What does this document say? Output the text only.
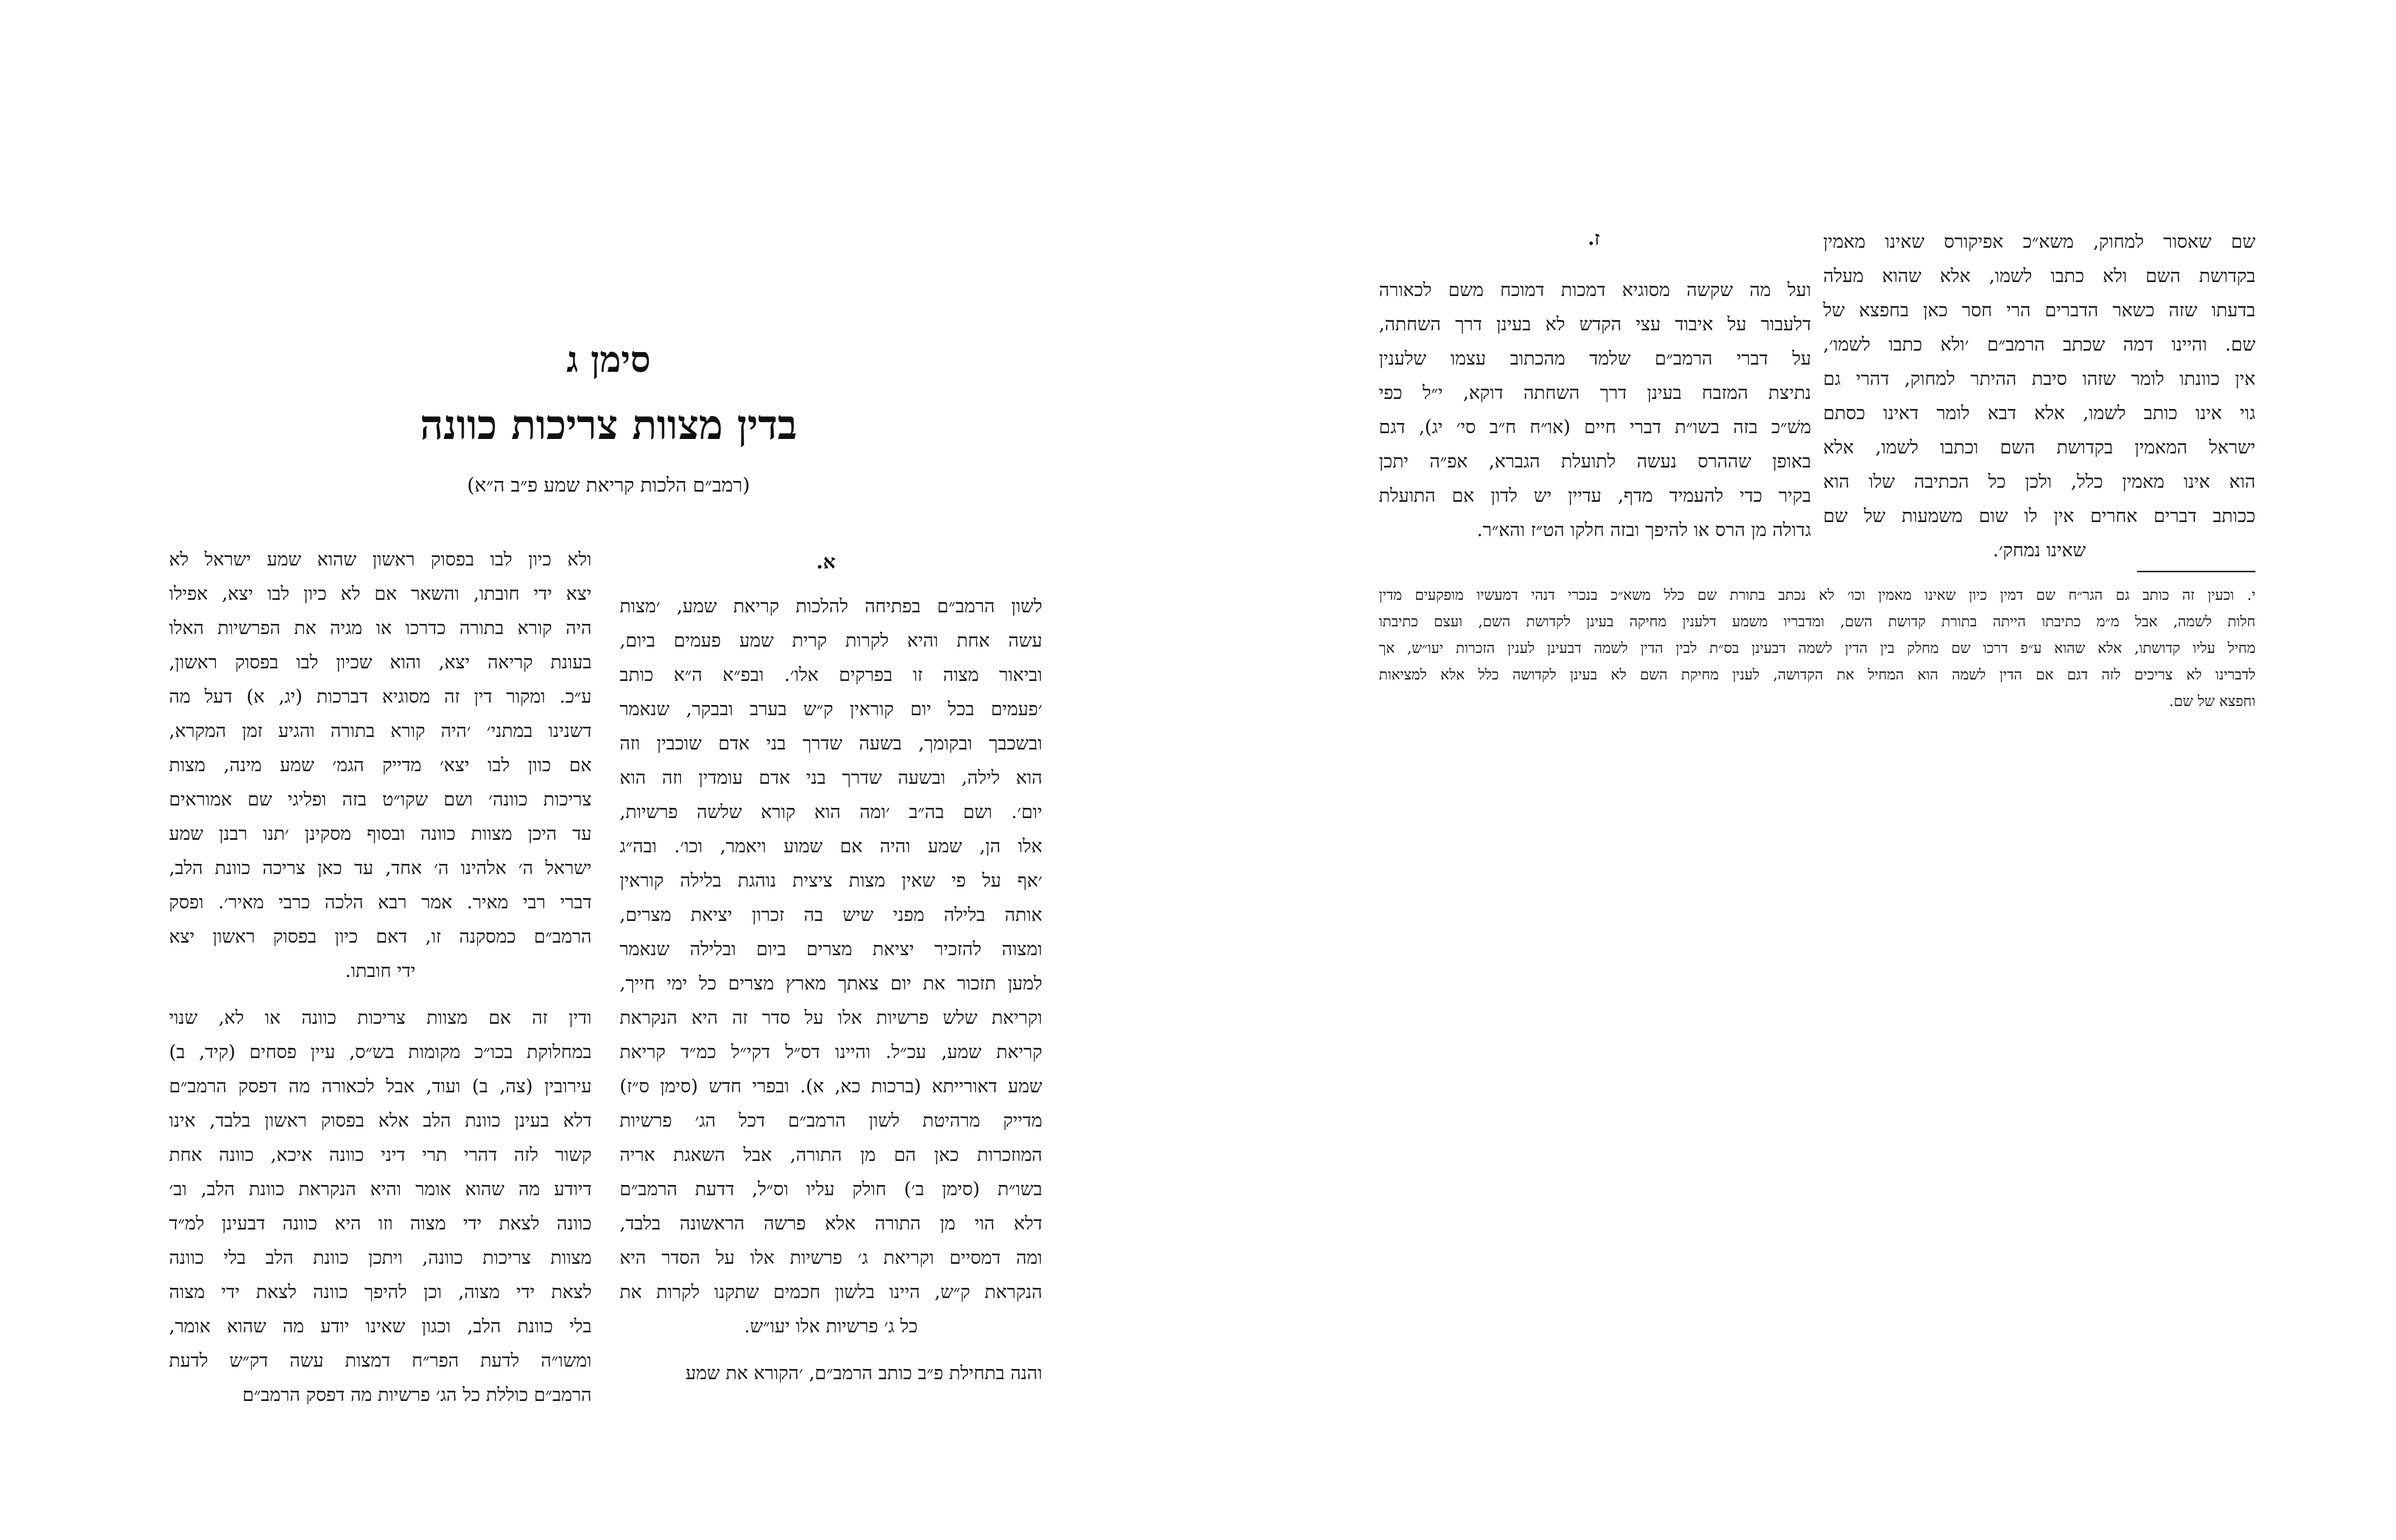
שם שאסור למחוק, משא״כ אפיקורס שאינו מאמין
בקדושת השם ולא כתבו לשמו, אלא שהוא מעלה
בדעתו שזה כשאר הדברים הרי חסר כאן בחפצא של
שם. והיינו דמה שכתב הרמב״ם ׳ולא כתבו לשמו׳,
אין כוונתו לומר שזהו סיבת ההיתר למחוק, דהרי גם
גוי אינו כותב לשמו, אלא דבא לומר דאינו כסתם
ישראל המאמין בקדושת השם וכתבו לשמו, אלא
הוא אינו מאמין כלל, ולכן כל הכתיבה שלו הוא
ככותב דברים אחרים אין לו שום משמעות של שם
שאינו נמחק׳.
ז.
ועל מה שקשה מסוגיא דמכות דמוכח משם לכאורה
דלעבור על איבוד עצי הקדש לא בעינן דרך השחתה,
על דברי הרמב״ם שלמד מהכתוב עצמו שלענין
נתיצת המזבח בעינן דרך השחתה דוקא, י״ל כפי
משׁ״כ בזה בשו״ת דברי חיים (או״ח ח״ב סי׳ יג), דגם
באופן שההרס נעשה לתועלת הגברא, אפ״ה יתכן
בקיר כדי להעמיד מדף, עדיין יש לדון אם התועלת
גדולה מן הרס או להיפך ובזה חלקו הט״ז והא״ר.
י. וכעין זה כותב גם הגר״ח שם דמין כיון שאינו מאמין וכו׳ לא נכתב בתורת שם כלל משא״כ בנכרי דנהי דמעשיו מופקעים מדין
חלות לשמה, אבל מ״מ כתיבתו הייתה בתורת קדושת השם, ומדבריו משמע דלענין מחיקה בעינן לקדושת השם, ועצם כתיבתו
מחיל עליו קדושתו, אלא שהוא ע״פ דרכו שם מחלק בין הדין לשמה דבעינן בס״ת לבין הדין לשמה דבעינן לענין הזכרות יעו״ש, אך
לדברינו לא צריכים לזה דגם אם הדין לשמה הוא המחיל את הקדושה, לענין מחיקת השם לא בעינן לקדושה כלל אלא למציאות
וחפצא של שם.
סימן ג
בדין מצוות צריכות כוונה
(רמב״ם הלכות קריאת שמע פ״ב ה״א)
א.
לשון הרמב״ם בפתיחה להלכות קריאת שמע, ׳מצות
עשה אחת והיא לקרות קרית שמע פעמים ביום,
וביאור מצוה זו בפרקים אלו׳. ובפ״א ה״א כותב
׳פעמים בכל יום קוראין ק״ש בערב ובבקר, שנאמר
ובשכבך ובקומך, בשעה שדרך בני אדם שוכבין וזה
הוא לילה, ובשעה שדרך בני אדם עומדין וזה הוא
יום׳. ושם בה״ב ׳ומה הוא קורא שלשה פרשיות,
אלו הן, שמע והיה אם שמוע ויאמר, וכו׳. ובה״ג
׳אף על פי שאין מצות ציצית נוהגת בלילה קוראין
אותה בלילה מפני שיש בה זכרון יציאת מצרים,
ומצוה להזכיר יציאת מצרים ביום ובלילה שנאמר
למען תזכור את יום צאתך מארץ מצרים כל ימי חייך,
וקריאת שלש פרשיות אלו על סדר זה היא הנקראת
קריאת שמע, עכ״ל. והיינו דס״ל דקי״ל כמ״ד קריאת
שמע דאורייתא (ברכות כא, א). ובפרי חדש (סימן ס״ז)
מדייק מרהיטת לשון הרמב״ם דכל הג׳ פרשיות
המוזכרות כאן הם מן התורה, אבל השאגת אריה
בשו״ת (סימן ב׳) חולק עליו וס״ל, דדעת הרמב״ם
דלא הוי מן התורה אלא פרשה הראשונה בלבד,
ומה דמסיים וקריאת ג׳ פרשיות אלו על הסדר היא
הנקראת ק״ש, היינו בלשון חכמים שתקנו לקרות את
כל ג׳ פרשיות אלו יעו״ש.
והנה בתחילת פ״ב כותב הרמב״ם, ׳הקורא את שמע
ולא כיון לבו בפסוק ראשון שהוא שמע ישראל לא
יצא ידי חובתו, והשאר אם לא כיון לבו יצא, אפילו
היה קורא בתורה כדרכו או מגיה את הפרשיות האלו
בעונת קריאה יצא, והוא שכיון לבו בפסוק ראשון,
ע״כ. ומקור דין זה מסוגיא דברכות (יג, א) דעל מה
דשנינו במתני׳ ׳היה קורא בתורה והגיע זמן המקרא,
אם כוון לבו יצא׳ מדייק הגמ׳ שמע מינה, מצות
צריכות כוונה׳ ושם שקו״ט בזה ופליגי שם אמוראים
עד היכן מצוות כוונה ובסוף מסקינן ׳תנו רבנן שמע
ישראל ה׳ אלהינו ה׳ אחד, עד כאן צריכה כוונת הלב,
דברי רבי מאיר. אמר רבא הלכה כרבי מאיר׳. ופסק
הרמב״ם כמסקנה זו, דאם כיון בפסוק ראשון יצא
ידי חובתו.
ודין זה אם מצוות צריכות כוונה או לא, שנוי
במחלוקת בכו״כ מקומות בש״ס, עיין פסחים (קיד, ב)
עירובין (צה, ב) ועוד, אבל לכאורה מה דפסק הרמב״ם
דלא בעינן כוונת הלב אלא בפסוק ראשון בלבד, אינו
קשור לזה דהרי תרי דיני כוונה איכא, כוונה אחת
דיודע מה שהוא אומר והיא הנקראת כוונת הלב, וב׳
כוונה לצאת ידי מצוה וזו היא כוונה דבעינן למ״ד
מצוות צריכות כוונה, ויתכן כוונת הלב בלי כוונה
לצאת ידי מצוה, וכן להיפך כוונה לצאת ידי מצוה
בלי כוונת הלב, וכגון שאינו יודע מה שהוא אומר,
ומשו״ה לדעת הפר״ח דמצות עשה דק״ש לדעת
הרמב״ם כוללת כל הג׳ פרשיות מה דפסק הרמב״ם
